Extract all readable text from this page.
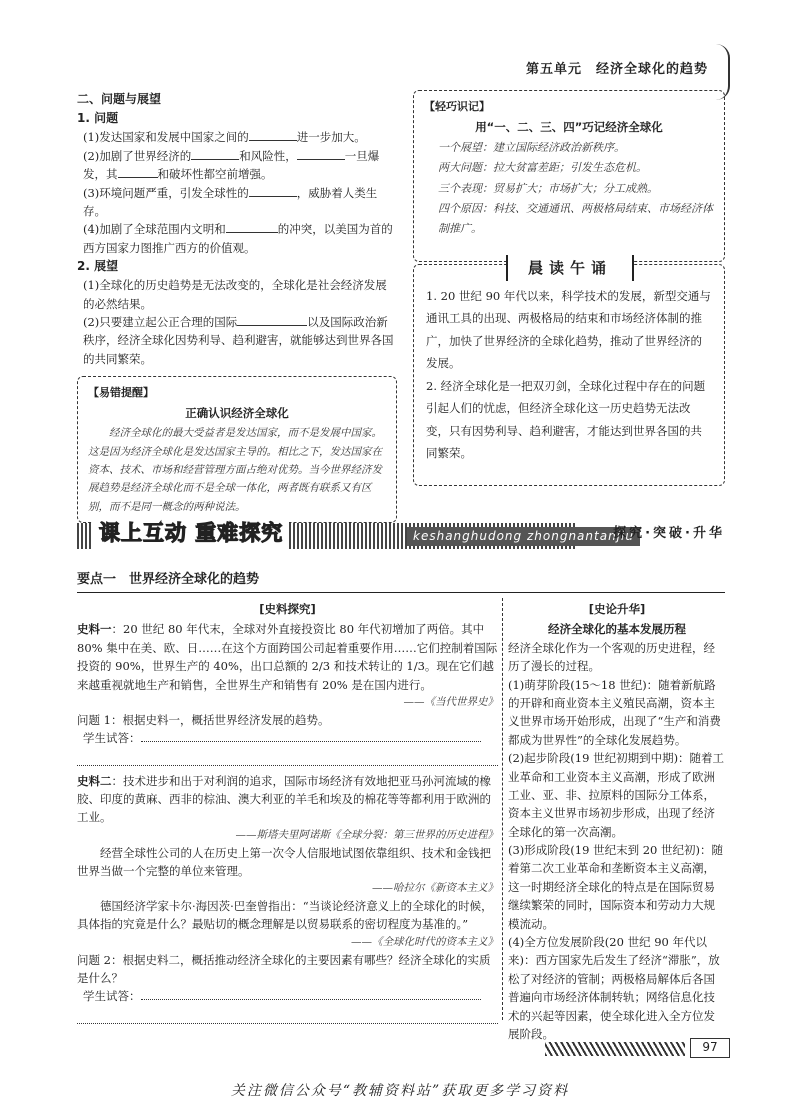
第五单元　 经济全球化的趋势
二、问题与展望
1. 问题
(1)发达国家和发展中国家之间的	进一步加大。
(2)加剧了世界经济的	和风险性，	一旦爆发，其	和破坏性都空前增强。
(3)环境问题严重，引发全球性的	，威胁着人类生存。
(4)加剧了全球范围内文明和	的冲突，以美国为首的西方国家力图推广西方的价值观。
2. 展望
(1)全球化的历史趋势是无法改变的，全球化是社会经济发展的必然结果。
(2)只要建立起公正合理的国际	以及国际政治新秩序，经济全球化因势利导、趋利避害，就能够达到世界各国的共同繁荣。
【易错提醒】
正确认识经济全球化
经济全球化的最大受益者是发达国家，而不是发展中国家。这是因为经济全球化是发达国家主导的。相比之下，发达国家在资本、技术、市场和经营管理方面占绝对优势。当今世界经济发展趋势是经济全球化而不是全球一体化，两者既有联系又有区别，而不是同一概念的两种说法。
【轻巧识记】
用“一、二、三、四”巧记经济全球化
一个展望：建立国际经济政治新秩序。
两大问题：拉大贫富差距；引发生态危机。
三个表现：贸易扩大；市场扩大；分工成熟。
四个原因：科技、交通通讯、两极格局结束、市场经济体制推广。
晨读午诵
1. 20 世纪 90 年代以来，科学技术的发展，新型交通与通讯工具的出现、两极格局的结束和市场经济体制的推广，加快了世界经济的全球化趋势，推动了世界经济的发展。
2. 经济全球化是一把双刃剑，全球化过程中存在的问题引起人们的忧虑，但经济全球化这一历史趋势无法改变，只有因势利导、趋利避害，才能达到世界各国的共同繁荣。
课上互动 重难探究	keshanghudong zhongnantanjiu
探究·突破·升华
要点一　世界经济全球化的趋势
[ 史料探究 ]
史料一：20 世纪 80 年代末，全球对外直接投资比 80 年代初增加了两倍。其中 80% 集中在美、欧、日……在这个方面跨国公司起着重要作用……它们控制着国际投资的 90%，世界生产的 40%，出口总额的 2/3 和技术转让的 1/3。现在它们越来越重视就地生产和销售，全世界生产和销售有 20% 是在国内进行。
——《当代世界史》
问题 1：根据史料一，概括世界经济发展的趋势。
学生试答：
史料二：技术进步和出于对利润的追求，国际市场经济有效地把亚马孙河流域的橡胶、印度的黄麻、西非的棕油、澳大利亚的羊毛和埃及的棉花等等都利用于欧洲的工业。
——斯塔夫里阿诺斯《全球分裂：第三世界的历史进程》
经营全球性公司的人在历史上第一次令人信服地试图依靠组织、技术和金钱把世界当做一个完整的单位来管理。
——哈拉尔《新资本主义》
德国经济学家卡尔·海因茨·巴奎曾指出：“当谈论经济意义上的全球化的时候，具体指的究竟是什么？最贴切的概念理解是以贸易联系的密切程度为基准的。”
——《全球化时代的资本主义》
问题 2：根据史料二，概括推动经济全球化的主要因素有哪些？经济全球化的实质是什么？
学生试答：
[ 史论升华 ]
经济全球化的基本发展历程
经济全球化作为一个客观的历史进程，经历了漫长的过程。
(1)萌芽阶段(15～18 世纪)：随着新航路的开辟和商业资本主义殖民高潮，资本主义世界市场开始形成，出现了“生产和消费都成为世界性”的全球化发展趋势。
(2)起步阶段(19 世纪初期到中期)：随着工业革命和工业资本主义高潮，形成了欧洲工业、亚、非、拉原料的国际分工体系，资本主义世界市场初步形成，出现了经济全球化的第一次高潮。
(3)形成阶段(19 世纪末到 20 世纪初)：随着第二次工业革命和垄断资本主义高潮，这一时期经济全球化的特点是在国际贸易继续繁荣的同时，国际资本和劳动力大规模流动。
(4)全方位发展阶段(20 世纪 90 年代以来)：西方国家先后发生了经济“滞胀”，放松了对经济的管制；两极格局解体后各国普遍向市场经济体制转轨；网络信息化技术的兴起等因素，使全球化进入全方位发展阶段。
97
关注微信公众号“教辅资料站”获取更多学习资料
